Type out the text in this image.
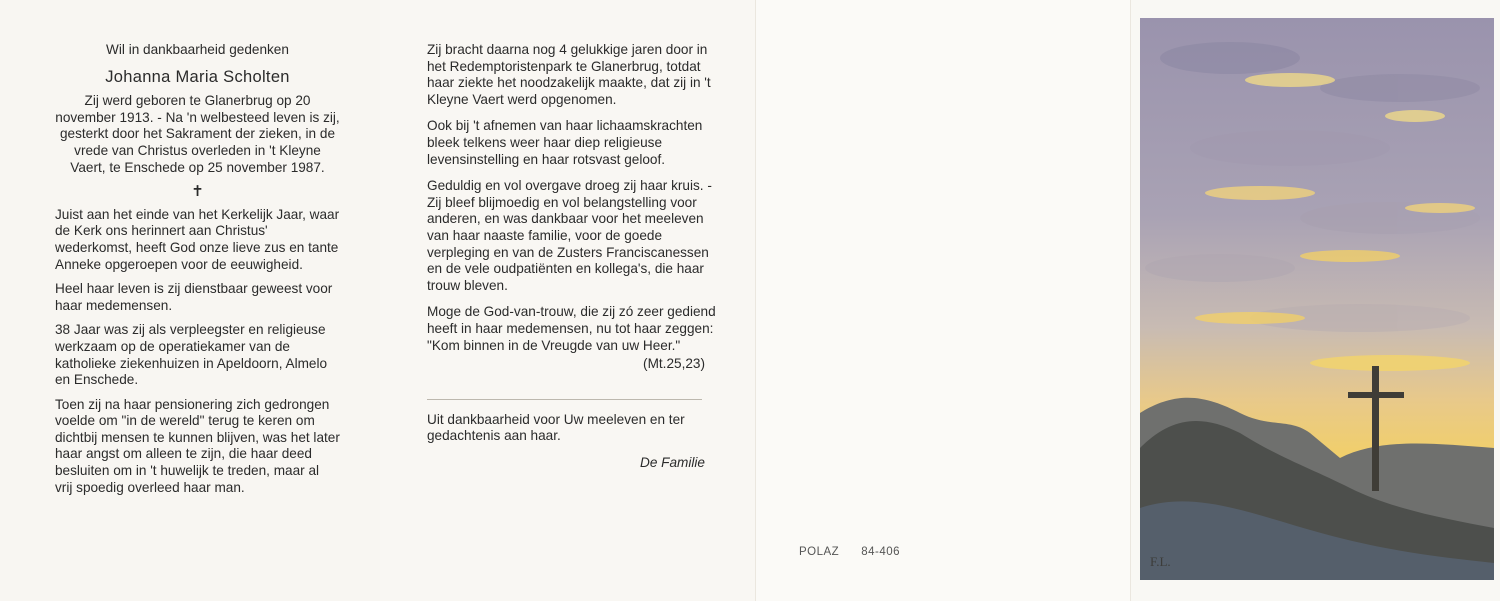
Wil in dankbaarheid gedenken

Johanna Maria Scholten

Zij werd geboren te Glanerbrug op 20 november 1913. - Na 'n welbesteed leven is zij, gesterkt door het Sakrament der zieken, in de vrede van Christus overleden in 't Kleyne Vaert, te Enschede op 25 november 1987.

✝

Juist aan het einde van het Kerkelijk Jaar, waar de Kerk ons herinnert aan Christus' wederkomst, heeft God onze lieve zus en tante Anneke opgeroepen voor de eeuwigheid.

Heel haar leven is zij dienstbaar geweest voor haar medemensen.

38 Jaar was zij als verpleegster en religieuse werkzaam op de operatiekamer van de katholieke ziekenhuizen in Apeldoorn, Almelo en Enschede.

Toen zij na haar pensionering zich gedrongen voelde om "in de wereld" terug te keren om dichtbij mensen te kunnen blijven, was het later haar angst om alleen te zijn, die haar deed besluiten om in 't huwelijk te treden, maar al vrij spoedig overleed haar man.

Zij bracht daarna nog 4 gelukkige jaren door in het Redemptoristenpark te Glanerbrug, totdat haar ziekte het noodzakelijk maakte, dat zij in 't Kleyne Vaert werd opgenomen.

Ook bij 't afnemen van haar lichaamskrachten bleek telkens weer haar diep religieuse levensinstelling en haar rotsvast geloof.

Geduldig en vol overgave droeg zij haar kruis. - Zij bleef blijmoedig en vol belangstelling voor anderen, en was dankbaar voor het meeleven van haar naaste familie, voor de goede verpleging en van de Zusters Franciscanessen en de vele oudpatiënten en kollega's, die haar trouw bleven.

Moge de God-van-trouw, die zij zó zeer gediend heeft in haar medemensen, nu tot haar zeggen: "Kom binnen in de Vreugde van uw Heer."

(Mt.25,23)

Uit dankbaarheid voor Uw meeleven en ter gedachtenis aan haar.

De Familie

POLAZ 84-406
F.L.
